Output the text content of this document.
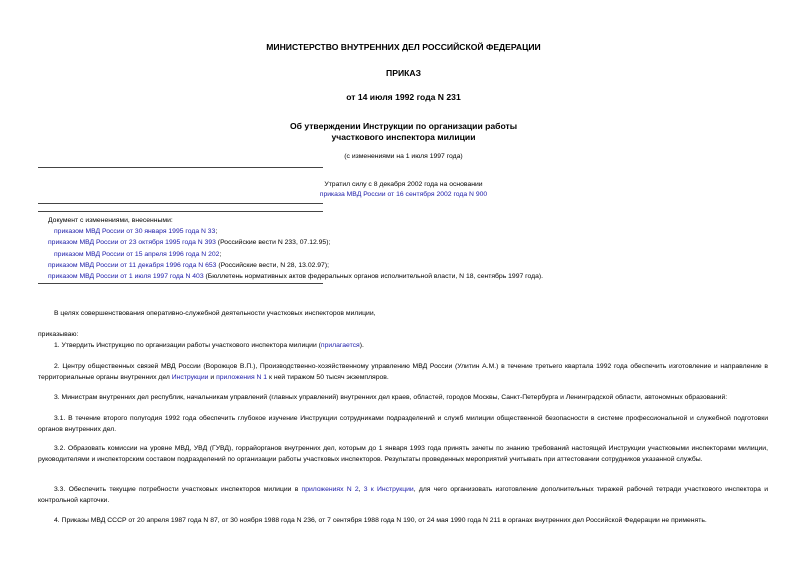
МИНИСТЕРСТВО ВНУТРЕННИХ ДЕЛ РОССИЙСКОЙ ФЕДЕРАЦИИ
ПРИКАЗ
от 14 июля 1992 года N 231
Об утверждении Инструкции по организации работы
участкового инспектора милиции
(с изменениями на 1 июля 1997 года)
Утратил силу с 8 декабря 2002 года на основании
приказа МВД России от 16 сентября 2002 года N 900
Документ с изменениями, внесенными:
приказом МВД России от 30 января 1995 года N 33;
приказом МВД России от 23 октября 1995 года N 393 (Российские вести N 233, 07.12.95);
приказом МВД России от 15 апреля 1996 года N 202;
приказом МВД России от 11 декабря 1996 года N 653 (Российские вести, N 28, 13.02.97);
приказом МВД России от 1 июля 1997 года N 403 (Бюллетень нормативных актов федеральных органов исполнительной власти, N 18, сентябрь 1997 года).
В целях совершенствования оперативно-служебной деятельности участковых инспекторов милиции,
приказываю:
1. Утвердить Инструкцию по организации работы участкового инспектора милиции (прилагается).
2. Центру общественных связей МВД России (Ворожцов В.П.), Производственно-хозяйственному управлению МВД России (Улитин А.М.) в течение третьего квартала 1992 года обеспечить изготовление и направление в территориальные органы внутренних дел Инструкции и приложения N 1 к ней тиражом 50 тысяч экземпляров.
3. Министрам внутренних дел республик, начальникам управлений (главных управлений) внутренних дел краев, областей, городов Москвы, Санкт-Петербурга и Ленинградской области, автономных образований:
3.1. В течение второго полугодия 1992 года обеспечить глубокое изучение Инструкции сотрудниками подразделений и служб милиции общественной безопасности в системе профессиональной и служебной подготовки органов внутренних дел.
3.2. Образовать комиссии на уровне МВД, УВД (ГУВД), горрайорганов внутренних дел, которым до 1 января 1993 года принять зачеты по знанию требований настоящей Инструкции участковыми инспекторами милиции, руководителями и инспекторским составом подразделений по организации работы участковых инспекторов. Результаты проведенных мероприятий учитывать при аттестовании сотрудников указанной службы.
3.3. Обеспечить текущие потребности участковых инспекторов милиции в приложениях N 2, 3 к Инструкции, для чего организовать изготовление дополнительных тиражей рабочей тетради участкового инспектора и контрольной карточки.
4. Приказы МВД СССР от 20 апреля 1987 года N 87, от 30 ноября 1988 года N 236, от 7 сентября 1988 года N 190, от 24 мая 1990 года N 211 в органах внутренних дел Российской Федерации не применять.
